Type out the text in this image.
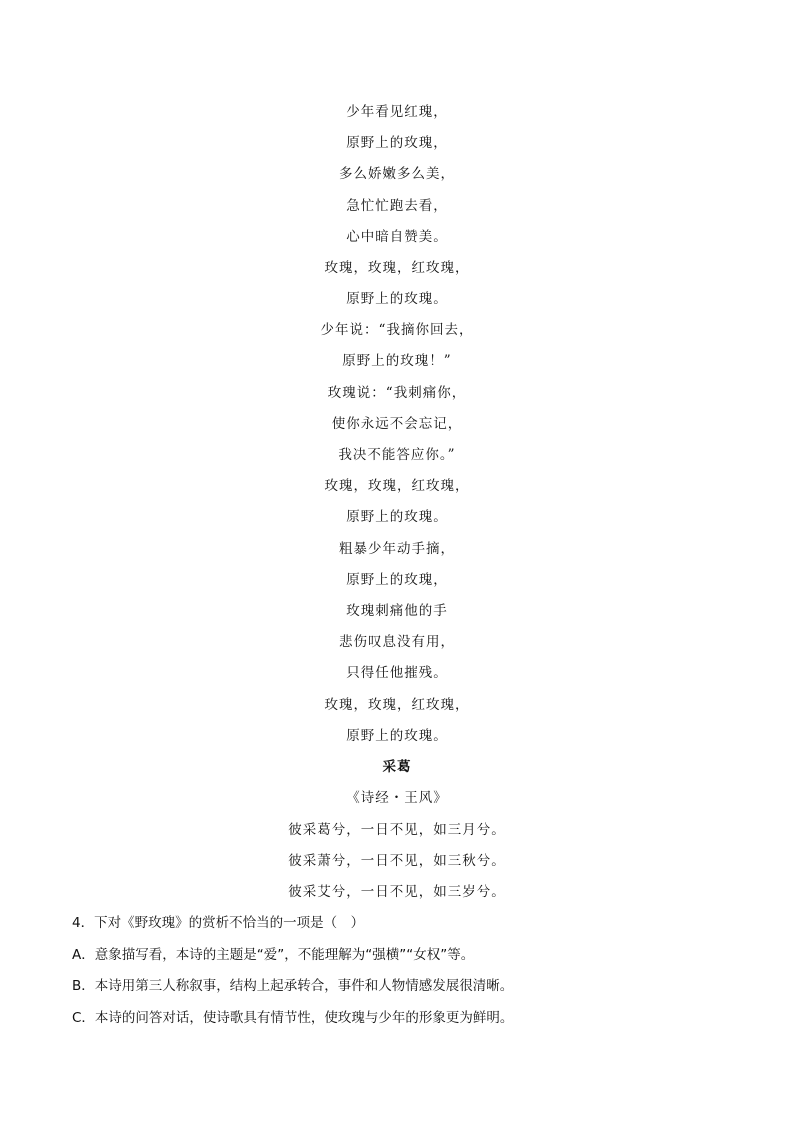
少年看见红瑰，
原野上的玫瑰，
多么娇嫩多么美，
急忙忙跑去看，
心中暗自赞美。
玫瑰，玫瑰，红玫瑰，
原野上的玫瑰。
少年说：“我摘你回去，
原野上的玫瑰！”
玫瑰说：“我刺痛你，
使你永远不会忘记，
我决不能答应你。”
玫瑰，玫瑰，红玫瑰，
原野上的玫瑰。
粗暴少年动手摘，
原野上的玫瑰，
玫瑰刺痛他的手
悲伤叹息没有用，
只得任他摧残。
玫瑰，玫瑰，红玫瑰，
原野上的玫瑰。
采葛
《诗经・王风》
彼采葛兮，一日不见，如三月兮。
彼采萧兮，一日不见，如三秋兮。
彼采艾兮，一日不见，如三岁兮。
4．下对《野玫瑰》的赏析不恰当的一项是（　）
A．意象描写看，本诗的主题是“爱”，不能理解为“强横”“女权”等。
B．本诗用第三人称叙事，结构上起承转合，事件和人物情感发展很清晰。
C．本诗的问答对话，使诗歌具有情节性，使玫瑰与少年的形象更为鲜明。
